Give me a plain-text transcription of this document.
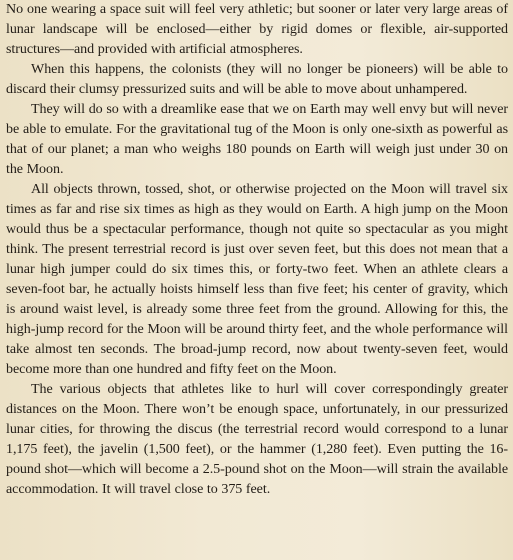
No one wearing a space suit will feel very athletic; but sooner or later very large areas of lunar landscape will be enclosed—either by rigid domes or flexible, air-supported structures—and provided with artificial atmospheres.

When this happens, the colonists (they will no longer be pioneers) will be able to discard their clumsy pressurized suits and will be able to move about unhampered.

They will do so with a dreamlike ease that we on Earth may well envy but will never be able to emulate. For the gravitational tug of the Moon is only one-sixth as powerful as that of our planet; a man who weighs 180 pounds on Earth will weigh just under 30 on the Moon.

All objects thrown, tossed, shot, or otherwise projected on the Moon will travel six times as far and rise six times as high as they would on Earth. A high jump on the Moon would thus be a spectacular performance, though not quite so spectacular as you might think. The present terrestrial record is just over seven feet, but this does not mean that a lunar high jumper could do six times this, or forty-two feet. When an athlete clears a seven-foot bar, he actually hoists himself less than five feet; his center of gravity, which is around waist level, is already some three feet from the ground. Allowing for this, the high-jump record for the Moon will be around thirty feet, and the whole performance will take almost ten seconds. The broad-jump record, now about twenty-seven feet, would become more than one hundred and fifty feet on the Moon.

The various objects that athletes like to hurl will cover correspondingly greater distances on the Moon. There won’t be enough space, unfortunately, in our pressurized lunar cities, for throwing the discus (the terrestrial record would correspond to a lunar 1,175 feet), the javelin (1,500 feet), or the hammer (1,280 feet). Even putting the 16-pound shot—which will become a 2.5-pound shot on the Moon—will strain the available accommodation. It will travel close to 375 feet.
